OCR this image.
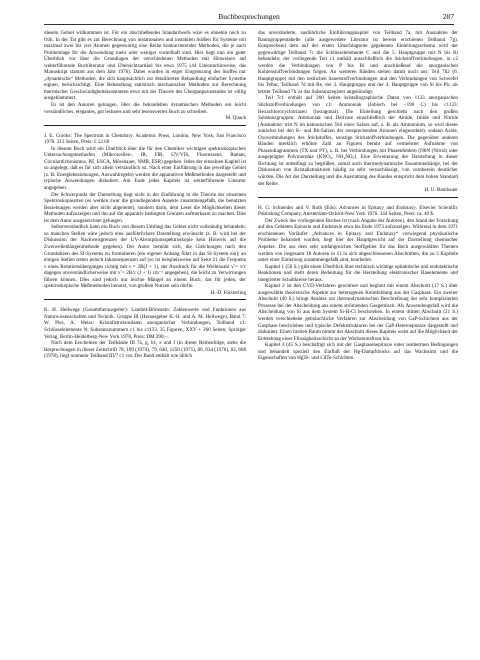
Buchbesprechungen	287

diesem Gebiet willkommen ist. Für ein abschließendes Standardwerk wäre es ohnehin noch zu früh. In der Tat gibt es zur Berechnung von instationären und instabilen Stößen für Systeme mit maximal zwei bis vier Atomen gegenwärtig eine Reihe konkurrierender Methoden, die je nach Problemlage für die Anwendung mehr oder weniger vorteilhaft sind. Hier liegt nun ein guter Überblick vor über die Grundlagen der verschiedenen Methoden mit Hinweisen auf weiterführende Buchliteratur und Übersichtsartikel bis etwa 1975 (44 Literaturhinweise, das Manuskript stammt aus dem Jahr 1976). Dabei wurden in enger Eingrenzung des Stoffes nur „dynamische“ Methoden, die sich hauptsächlich zur detaillierten Behandlung einfacher Systeme eignen, berücksichtigt. Eine Behandlung statistisch mechanischer Methoden zur Berechnung thermischer Geschwindigkeitskonstanten etwa mit der Theorie des Übergangszustandes ist völlig ausgeklammert.

Es ist den Autoren gelungen, über die behandelten dynamischen Methoden ein leicht verständliches, elegantes, gut lesbares und sehr lesenswertes Buch zu schreiben.

M. Quack

J. E. Crooks: The Spectrum in Chemistry. Academic Press, London, New York, San Francisco 1978. 313 Seiten, Preis: £ 12.60

In diesem Buch wird ein Überblick über die für den Chemiker wichtigen spektroskopischen Untersuchungsmethoden (Mikrowellen-, IR, FIR, UV/VIS, Fluoreszenz, Raman, Circulardichroismus, PE, ESCA, Mössbauer, NMR, ESR) gegeben. Jedes der einzelnen Kapitel ist so angelegt, daß es für sich allein verständlich ist. Nach einer Einführung in das jeweilige Gebiet (z. B. Energiebeziehungen, Auswahlregeln) werden die apparativen Meßmethoden dargestellt und typische Anwendungen diskutiert. Am Ende jedes Kapitels ist weiterführende Literatur angegeben.

Der Schwerpunkt der Darstellung liegt nicht in der Einführung in die Theorie der einzelnen Spektroskopiearten (es werden zwar die grundlegenden Aspekte zusammengefaßt, die benutzten Beziehungen werden aber nicht abgeleitet), sondern darin, dem Leser die Möglichkeiten dieser Methoden aufzuzeigen und ihn auf die apparativ bedingten Grenzen aufmerksam zu machen. Dies ist dem Autor ausgezeichnet gelungen.

Selbstverständlich kann ein Buch von diesem Umfang das Gebiet nicht vollständig behandeln; so manchen Stellen wäre jedoch eine ausführlichere Darstellung erwünscht (z. B. wird bei der Diskussion der Nachweisgrenzen der UV-Absorptionsspektroskopie kein Hinweis auf die Zweiwellenlängenmethode gegeben). Der Autor bemüht sich, die Gleichungen nach den Grundsätzen des SI-Systems zu formulieren (ein eigener Anhang führt in das SI-System ein); an einigen Stellen treten jedoch Inkonsequenzen auf (so ist beispielsweise auf Seite 21 die Frequenz ν eines Rotationsüberganges richtig mit ν = 2B(J + 1), der Ausdruck für die Wellenzahl ν̃ = ν/c dagegen unverständlicherweise mit ν̃ = 2B/c (J + 1) cm⁻¹ angegeben), die leicht zu Verwirrungen führen können. Dies sind jedoch nur leichte Mängel an einem Buch, das für jeden, der spektroskopische Meßmethoden benutzt, von großem Nutzen sein dürfte.

H.-D. Försterling

K. H. Hellwege (Gesamtherausgeber): Landolt-Börnstein: Zahlenwerte und Funktionen aus Naturwissenschaften und Technik. Gruppe III (Herausgeber K.-H. und A. M. Hellwege), Band 7: W. Pies, A. Weiss: Kristallstrukturdaten anorganischer Verbindungen, Teilband c1: Schlüsselelemente N; Substanznummern c1 bis c1133. 35 Figuren, XXV + 260 Seiten; Springer Verlag, Berlin-Heidelberg-New York 1978, Preis: DM 290,–.

Nach dem Erscheinen der Teilbände III 7a, g, b1, e und f (in dieser Reihenfolge, siehe die Besprechungen in dieser Zeitschrift 78, 109 (1974), 79, 640, 1250 (1975), 80, 834 (1976), 82, 668 (1978), liegt nunmehr Teilband III/7 c1 vor. Der Band enthält wie üblich

das unveränderte, ausführliche Einführungskapitel von Teilband 7a, mit Ausnahme der Raumgruppentabelle (alle ausgewertete Literatur ist bereits erschienen Teilband 7g). Entsprechend dem auf der ersten Umschlagseite gegebenen Einteilungsschema wird der gegenwärtige Teilband 7c die Schlüsselelemente C und die 5. Hauptgruppe mit N bis Bi behandeln; der vorliegende Teil c1 enthält ausschließlich die Stickstoffverbindungen, in c2 werden die Verbindungen von P bis Bi und anschließend die anorganischen Kohlenstoffverbindungen folgen. An weiteren Bänden stehen damit noch aus: Teil 7b2 (6. Hauptgruppe) mit den restlichen Sauerstoffverbindungen und den Verbindungen von Schwefel bis Tellur, Teilband 7d mit Be, der 3. Hauptgruppe und der 4. Hauptgruppe von Si bis Pb; als letzter Teilband 7h ist das Substanzregister angekündigt.

Teil 7c1 enthält auf 260 Seiten kristallographische Daten von 1133 anorganischen Stickstoffverbindungen von c1: Ammoniak (Jobisch bei −196 C) bis c1133: Hexachlorocyclotriazen (hexagonal). Die Einteilung geschieht nach den großen Substanzgruppen: Ammoniak und Derivate einschließlich der Amide, Imide und Nitride (Ausnahme: tritt N im kationischen Teil eines Salzes auf, z. B. als Ammonium, so wird dieses zunächst bei den K- und Rb-Salzen der entsprechenden Anionen eingeordnet), sodann Azide, Oxoverbindungen des Stickstoffes, sonstige Stickstoffverbindungen. Die gegenüber anderen Bänden merklich erhöhte Zahl an Figuren beruht auf vermehrter Aufnahme von Phasendiagrammen (TX und PT), z. B. bei Verbindungen mit Phasenfeldern (NbN (Nitrid) oder ausgeprägter Polymorphie (KNO₃, NH₄NO₃). Eine Erweiterung der Darstellung in dieser Richtung ist unbedingt zu begrüßen, zumal auch thermodynamische Zusammenhänge, bei der Diskussion von Kristallstrukturen häufig zu sehr vernachlässigt, von vornherein deutlicher würden. Die Art der Darstellung und die Ausstattung des Bandes entspricht dem hohen Standard der Reihe.

H. U. Bambauer

H. G. Schneider and V. Ruth (Eds): Advances in Epitaxy and Endotaxy. Elsevier Scientific Publishing Company, Amsterdam-Oxford-New York 1976. 344 Seiten, Preis: ca. 40 $.

Der Zweck des vorliegenden Buches ist (nach Angabe der Autoren), den Stand der Forschung auf den Gebieten Epitaxie und Endotaxie etwa bis Ende 1973 aufzuzeigen. Während in dem 1971 erschienenen Vorläufer „Advances in Epitaxy and Endotaxy“ vorwiegend physikalische Probleme behandelt wurden, liegt hier der Hauptgewicht auf der Darstellung chemischer Aspekte. Die aus dem sehr umfangreichen Stoffgebiet für das Buch ausgewählten Themen werden von insgesamt 18 Autoren in 11 in sich abgeschlossenen Abschnitten, die zu 5 Kapiteln unter einer Einleitung zusammengefaßt sind, bearbeitet.

Kapitel 1 (56 S.) gibt einen Überblick über technisch wichtige epitaktische und endotaktische Reaktionen und stellt deren Bedeutung für die Herstellung elektronischer Bauelemente und integrierter Schaltkreise heraus.

Kapitel 2 ist den CVD-Verfahren gewidmet und beginnt mit einem Abschnitt (17 S.) über ausgewählte theoretische Aspekte zur heterogenen Keimbildung aus der Gasphase. Ein zweiter Abschnitt (40 S.) bringt Ansätze zur thermodynamischen Beschreibung der sehr komplizierten Prozesse bei der Abscheidung aus einem strömenden Gasgemisch. Als Anwendungsfall wird die Abscheidung von Si aus dem System Si-H-Cl beschrieben. In einem dritten Abschnitt (21 S.) werden verschiedene gebräuchliche Verfahren zur Abscheidung von GaP-Schichten aus der Gasphase beschrieben und typische Defektstrukturen bei der GaP-Heteroepitaxie dargestellt und diskutiert. Einen breiten Raum nimmt der Abschnitt dieses Kapitels weist auf die Möglichkeit der Entstehung einer Fliissigkeitsschicht an der Wachstumsfront hin.

Kapitel 3 (45 S.) beschäftigt sich mit der Gasphasenepitaxie unter isothermen Bedingungen und behandelt speziell den Einfluß der Hg-Dampfdrucks auf das Wachstum und die Eigenschaften von HgTe- und CdTe-Schichten.
